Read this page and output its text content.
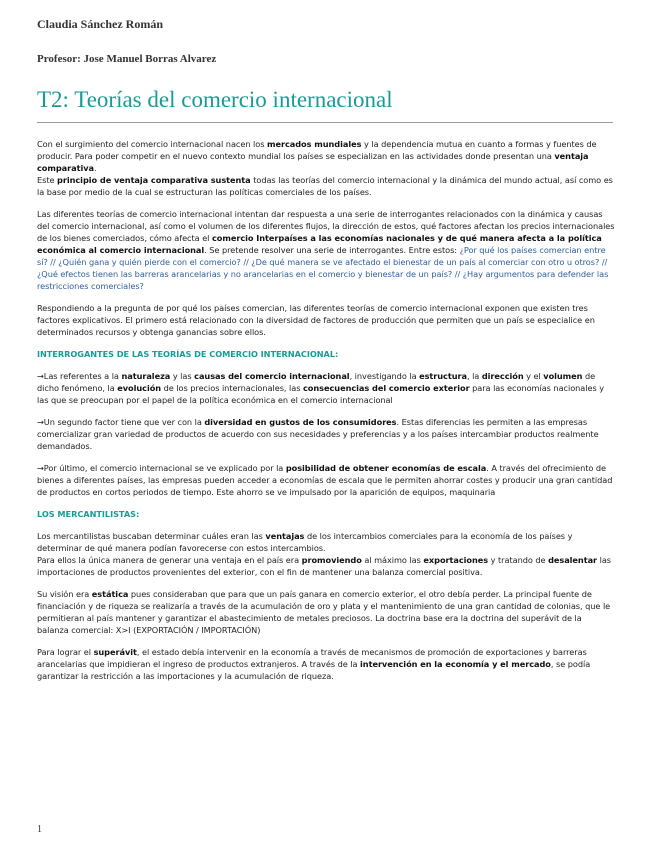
Claudia Sánchez Román
Profesor: Jose Manuel Borras Alvarez
T2: Teorías del comercio internacional

Con el surgimiento del comercio internacional nacen los mercados mundiales y la dependencia mutua en cuanto a formas y fuentes de producir. Para poder competir en el nuevo contexto mundial los países se especializan en las actividades donde presentan una ventaja comparativa.
Este principio de ventaja comparativa sustenta todas las teorías del comercio internacional y la dinámica del mundo actual, así como es la base por medio de la cual se estructuran las políticas comerciales de los países.

Las diferentes teorías de comercio internacional intentan dar respuesta a una serie de interrogantes relacionados con la dinámica y causas del comercio internacional, así como el volumen de los diferentes flujos, la dirección de estos, qué factores afectan los precios internacionales de los bienes comerciados, cómo afecta el comercio Interpaíses a las economías nacionales y de qué manera afecta a la política económica al comercio internacional. Se pretende resolver una serie de interrogantes. Entre estos: ¿Por qué los países comercian entre sí? // ¿Quién gana y quién pierde con el comercio? // ¿De qué manera se ve afectado el bienestar de un país al comerciar con otro u otros? // ¿Qué efectos tienen las barreras arancelarias y no arancelarias en el comercio y bienestar de un país? // ¿Hay argumentos para defender las restricciones comerciales?

Respondiendo a la pregunta de por qué los países comercian, las diferentes teorías de comercio internacional exponen que existen tres factores explicativos. El primero está relacionado con la diversidad de factores de producción que permiten que un país se especialice en determinados recursos y obtenga ganancias sobre ellos.

INTERROGANTES DE LAS TEORÍAS DE COMERCIO INTERNACIONAL:

→Las referentes a la naturaleza y las causas del comercio internacional, investigando la estructura, la dirección y el volumen de dicho fenómeno, la evolución de los precios internacionales, las consecuencias del comercio exterior para las economías nacionales y las que se preocupan por el papel de la política económica en el comercio internacional

→Un segundo factor tiene que ver con la diversidad en gustos de los consumidores. Estas diferencias les permiten a las empresas comercializar gran variedad de productos de acuerdo con sus necesidades y preferencias y a los países intercambiar productos realmente demandados.

→Por último, el comercio internacional se ve explicado por la posibilidad de obtener economías de escala. A través del ofrecimiento de bienes a diferentes países, las empresas pueden acceder a economías de escala que le permiten ahorrar costes y producir una gran cantidad de productos en cortos periodos de tiempo. Este ahorro se ve impulsado por la aparición de equipos, maquinaria

LOS MERCANTILISTAS:

Los mercantilistas buscaban determinar cuáles eran las ventajas de los intercambios comerciales para la economía de los países y determinar de qué manera podían favorecerse con estos intercambios.
Para ellos la única manera de generar una ventaja en el país era promoviendo al máximo las exportaciones y tratando de desalentar las importaciones de productos provenientes del exterior, con el fin de mantener una balanza comercial positiva.

Su visión era estática pues consideraban que para que un país ganara en comercio exterior, el otro debía perder. La principal fuente de financiación y de riqueza se realizaría a través de la acumulación de oro y plata y el mantenimiento de una gran cantidad de colonias, que le permitieran al país mantener y garantizar el abastecimiento de metales preciosos. La doctrina base era la doctrina del superávit de la balanza comercial: X>I (EXPORTACIÓN / IMPORTACIÓN)

Para lograr el superávit, el estado debía intervenir en la economía a través de mecanismos de promoción de exportaciones y barreras arancelarias que impidieran el ingreso de productos extranjeros. A través de la intervención en la economía y el mercado, se podía garantizar la restricción a las importaciones y la acumulación de riqueza.

1
